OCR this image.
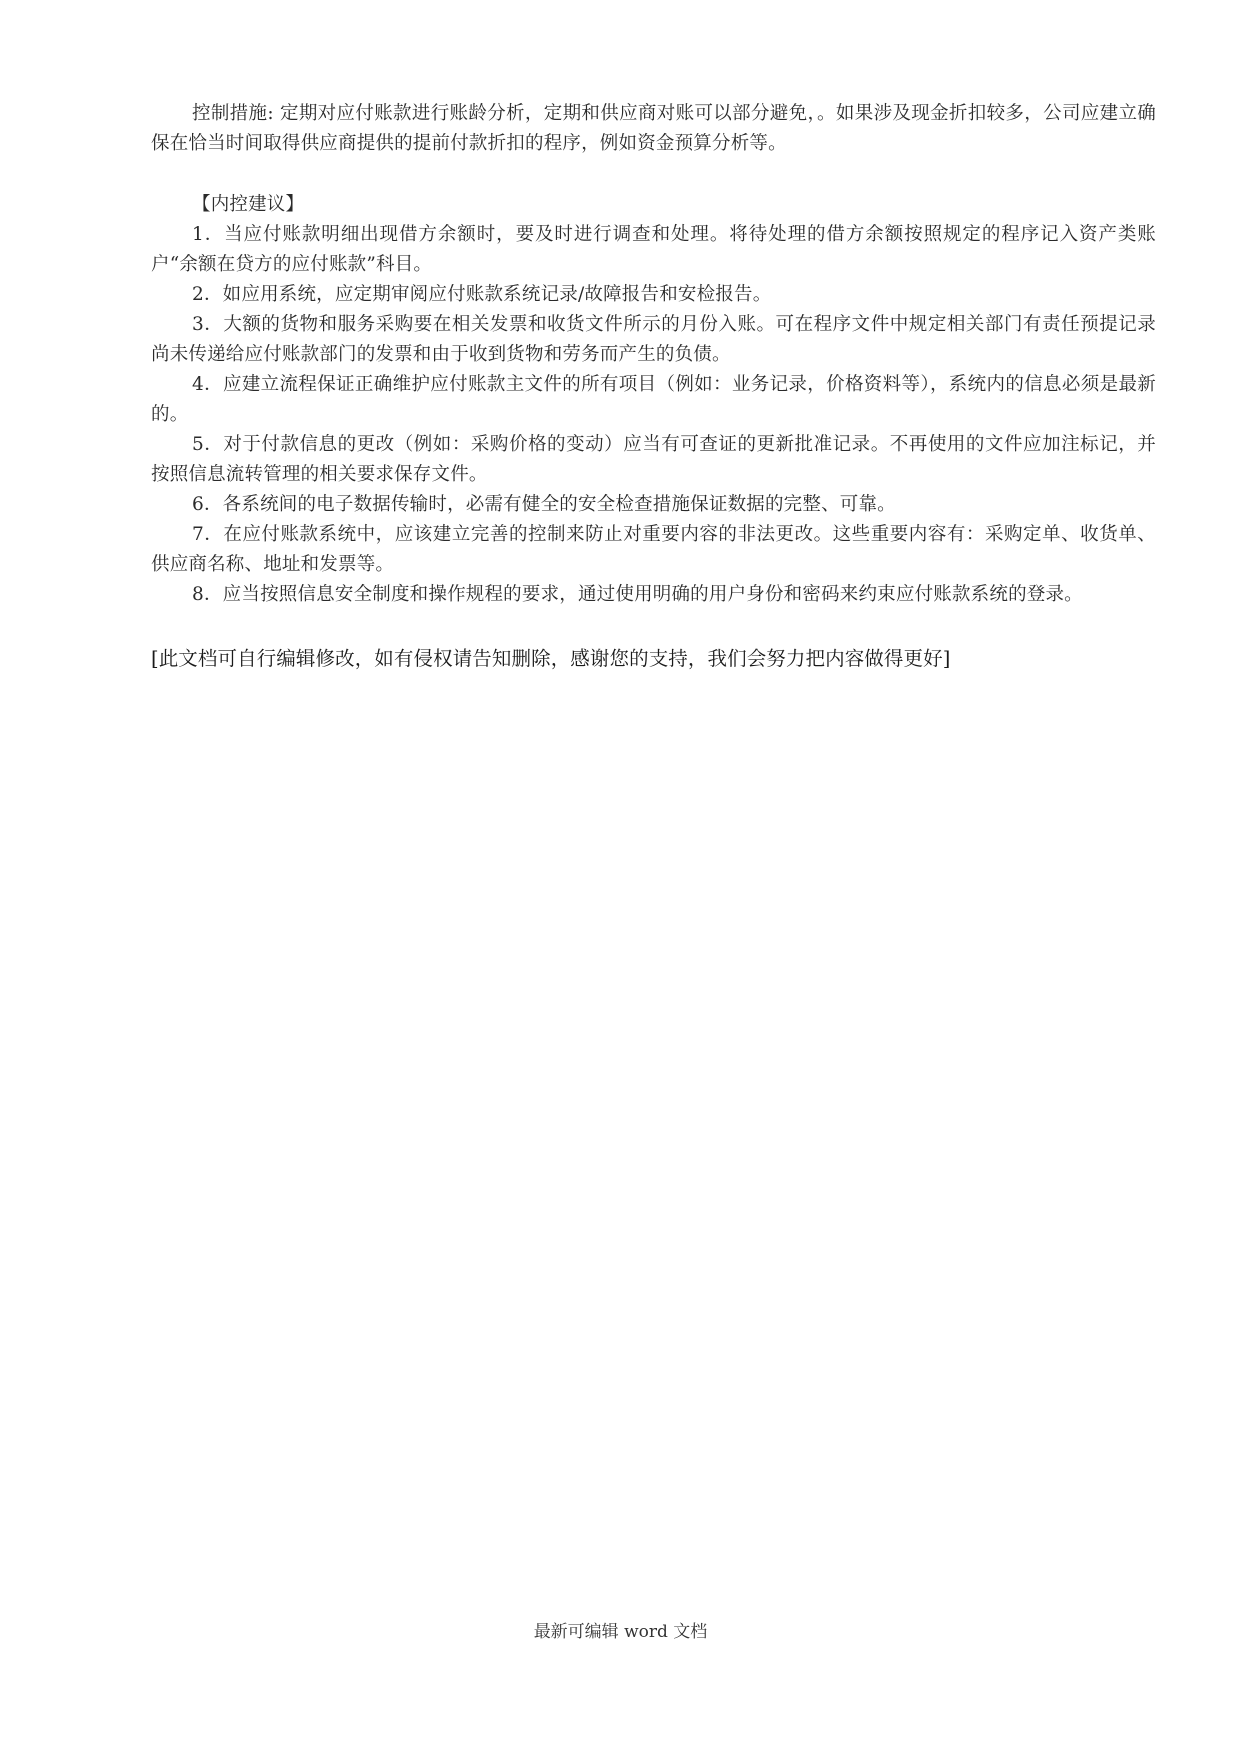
控制措施: 定期对应付账款进行账龄分析，定期和供应商对账可以部分避免，。如果涉及现金折扣较多，公司应建立确保在恰当时间取得供应商提供的提前付款折扣的程序，例如资金预算分析等。

【内控建议】

1．当应付账款明细出现借方余额时，要及时进行调查和处理。将待处理的借方余额按照规定的程序记入资产类账户“余额在贷方的应付账款”科目。

2．如应用系统，应定期审阅应付账款系统记录/故障报告和安检报告。

3．大额的货物和服务采购要在相关发票和收货文件所示的月份入账。可在程序文件中规定相关部门有责任预提记录尚未传递给应付账款部门的发票和由于收到货物和劳务而产生的负债。

4．应建立流程保证正确维护应付账款主文件的所有项目（例如：业务记录，价格资料等），系统内的信息必须是最新的。

5．对于付款信息的更改（例如：采购价格的变动）应当有可查证的更新批准记录。不再使用的文件应加注标记，并按照信息流转管理的相关要求保存文件。

6．各系统间的电子数据传输时，必需有健全的安全检查措施保证数据的完整、可靠。

7．在应付账款系统中，应该建立完善的控制来防止对重要内容的非法更改。这些重要内容有：采购定单、收货单、供应商名称、地址和发票等。

8．应当按照信息安全制度和操作规程的要求，通过使用明确的用户身份和密码来约束应付账款系统的登录。

[此文档可自行编辑修改，如有侵权请告知删除，感谢您的支持，我们会努力把内容做得更好]

最新可编辑 word 文档
